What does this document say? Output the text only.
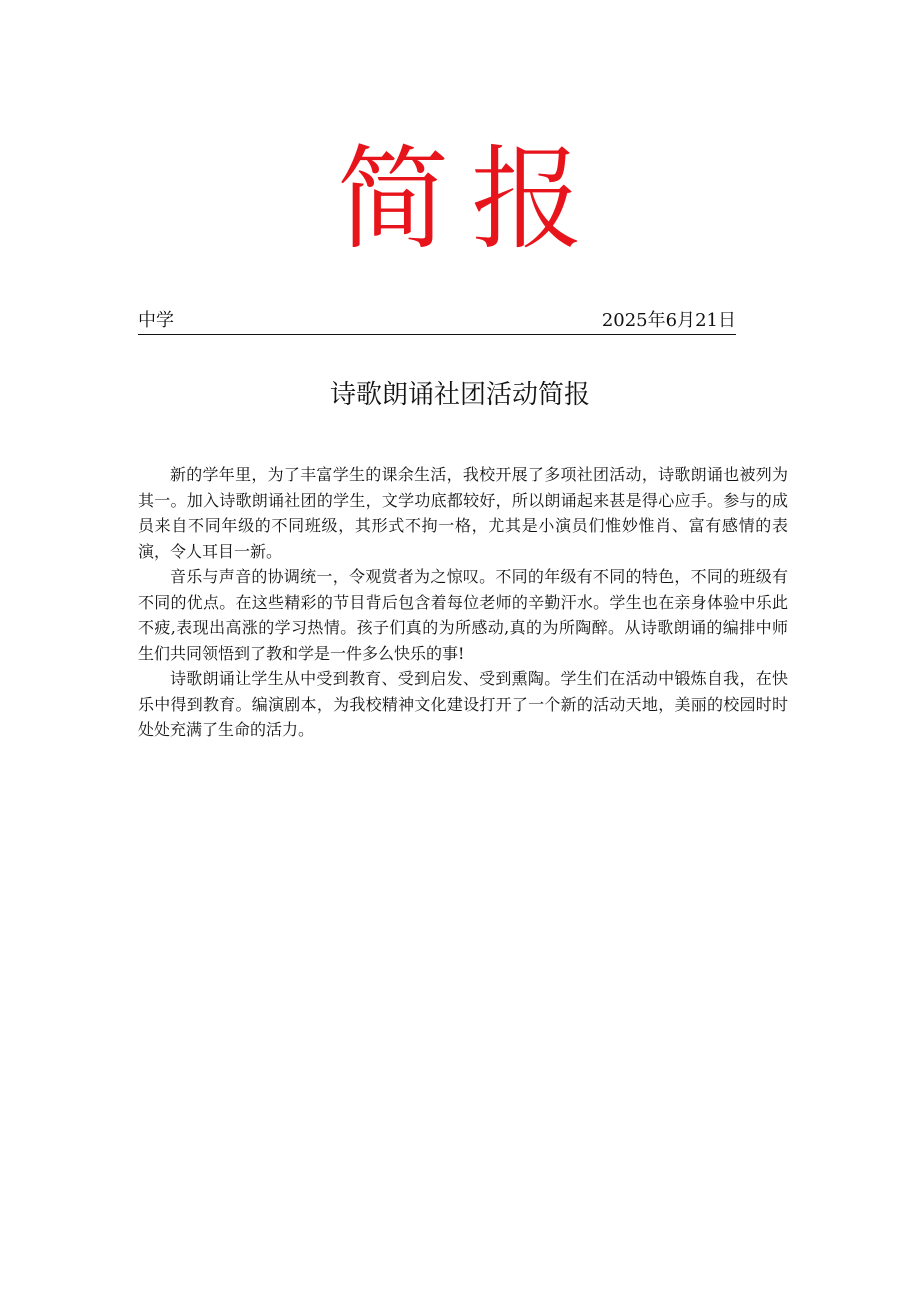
简报
中学	2025年6月21日
诗歌朗诵社团活动简报

新的学年里，为了丰富学生的课余生活，我校开展了多项社团活动，诗歌朗诵也被列为其一。加入诗歌朗诵社团的学生，文学功底都较好，所以朗诵起来甚是得心应手。参与的成员来自不同年级的不同班级，其形式不拘一格，尤其是小演员们惟妙惟肖、富有感情的表演，令人耳目一新。

音乐与声音的协调统一，令观赏者为之惊叹。不同的年级有不同的特色，不同的班级有不同的优点。在这些精彩的节目背后包含着每位老师的辛勤汗水。学生也在亲身体验中乐此不疲,表现出高涨的学习热情。孩子们真的为所感动,真的为所陶醉。从诗歌朗诵的编排中师生们共同领悟到了教和学是一件多么快乐的事!

诗歌朗诵让学生从中受到教育、受到启发、受到熏陶。学生们在活动中锻炼自我，在快乐中得到教育。编演剧本，为我校精神文化建设打开了一个新的活动天地，美丽的校园时时处处充满了生命的活力。
